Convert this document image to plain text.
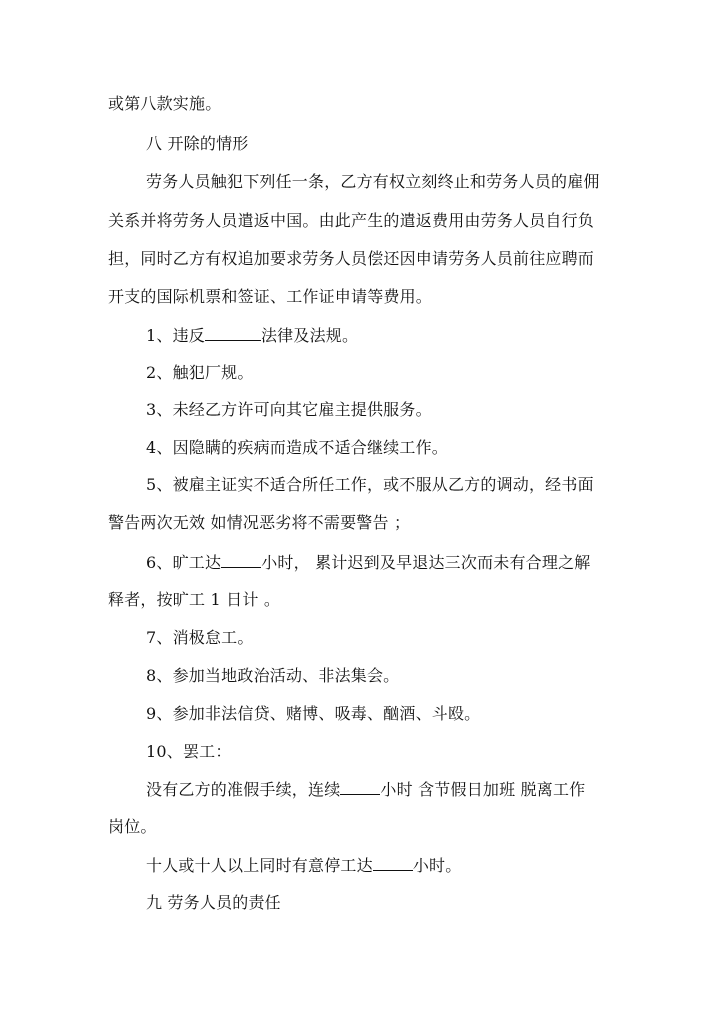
或第八款实施。
八 开除的情形
劳务人员触犯下列任一条，乙方有权立刻终止和劳务人员的雇佣
关系并将劳务人员遣返中国。由此产生的遣返费用由劳务人员自行负
担，同时乙方有权追加要求劳务人员偿还因申请劳务人员前往应聘而
开支的国际机票和签证、工作证申请等费用。
1、违反	法律及法规。
2、触犯厂规。
3、未经乙方许可向其它雇主提供服务。
4、因隐瞒的疾病而造成不适合继续工作。
5、被雇主证实不适合所任工作，或不服从乙方的调动，经书面
警告两次无效 如情况恶劣将不需要警告 ；
6、旷工达	小时， 累计迟到及早退达三次而未有合理之解
释者，按旷工 1 日计 。
7、消极怠工。
8、参加当地政治活动、非法集会。
9、参加非法信贷、赌博、吸毒、酗酒、斗殴。
10、罢工：
没有乙方的准假手续，连续	小时 含节假日加班 脱离工作
岗位。
十人或十人以上同时有意停工达	小时。
九 劳务人员的责任
